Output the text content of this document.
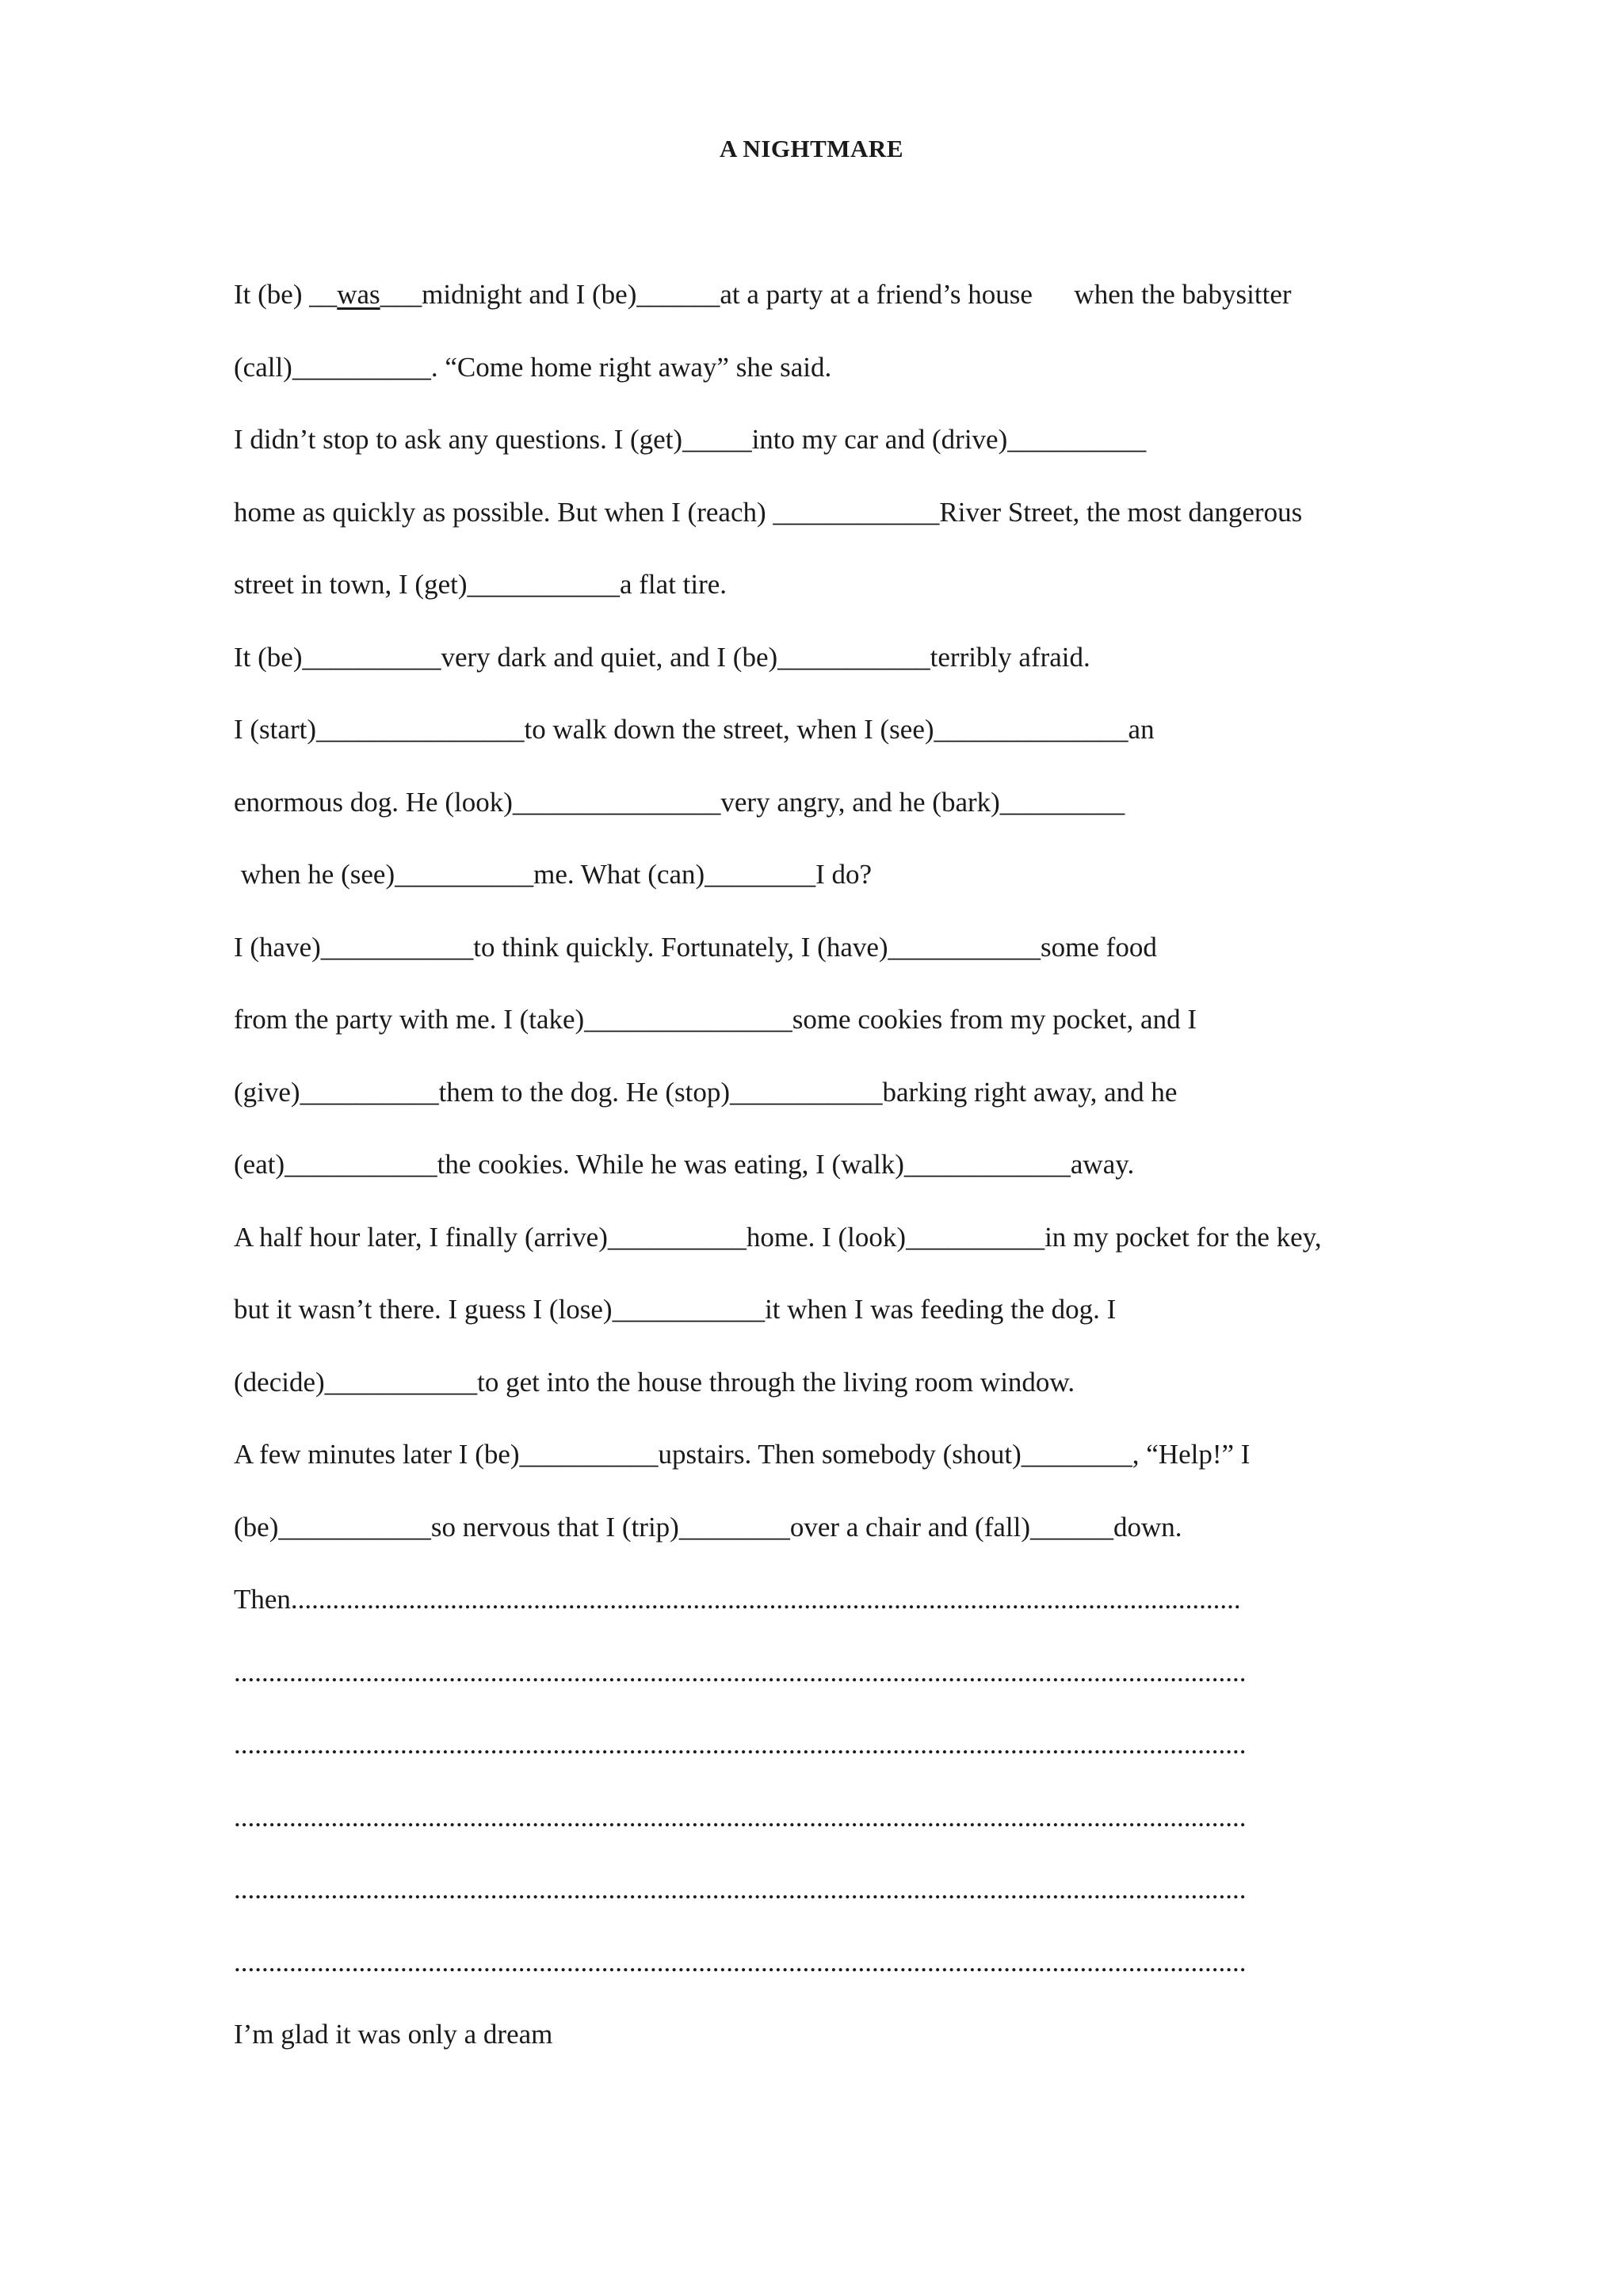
A NIGHTMARE
It (be) __was___midnight and I (be)______at a party at a friend’s house      when the babysitter
(call)__________. “Come home right away” she said.
I didn’t stop to ask any questions. I (get)_____into my car and (drive)__________
home as quickly as possible. But when I (reach) ____________River Street, the most dangerous
street in town, I (get)___________a flat tire.
It (be)__________very dark and quiet, and I (be)___________terribly afraid.
I (start)_______________to walk down the street, when I (see)______________an
enormous dog. He (look)_______________very angry, and he (bark)_________
when he (see)__________me. What (can)________I do?
I (have)___________to think quickly. Fortunately, I (have)___________some food
from the party with me. I (take)_______________some cookies from my pocket, and I
(give)__________them to the dog. He (stop)___________barking right away, and he
(eat)___________the cookies. While he was eating, I (walk)____________away.
A half hour later, I finally (arrive)__________home. I (look)__________in my pocket for the key,
but it wasn’t there. I guess I (lose)___________it when I was feeding the dog. I
(decide)___________to get into the house through the living room window.
A few minutes later I (be)__________upstairs. Then somebody (shout)________, “Help!” I
(be)___________so nervous that I (trip)________over a chair and (fall)______down.
Then.........................................................................................................................................
..................................................................................................................................................
..................................................................................................................................................
..................................................................................................................................................
..................................................................................................................................................
..................................................................................................................................................
I’m glad it was only a dream
